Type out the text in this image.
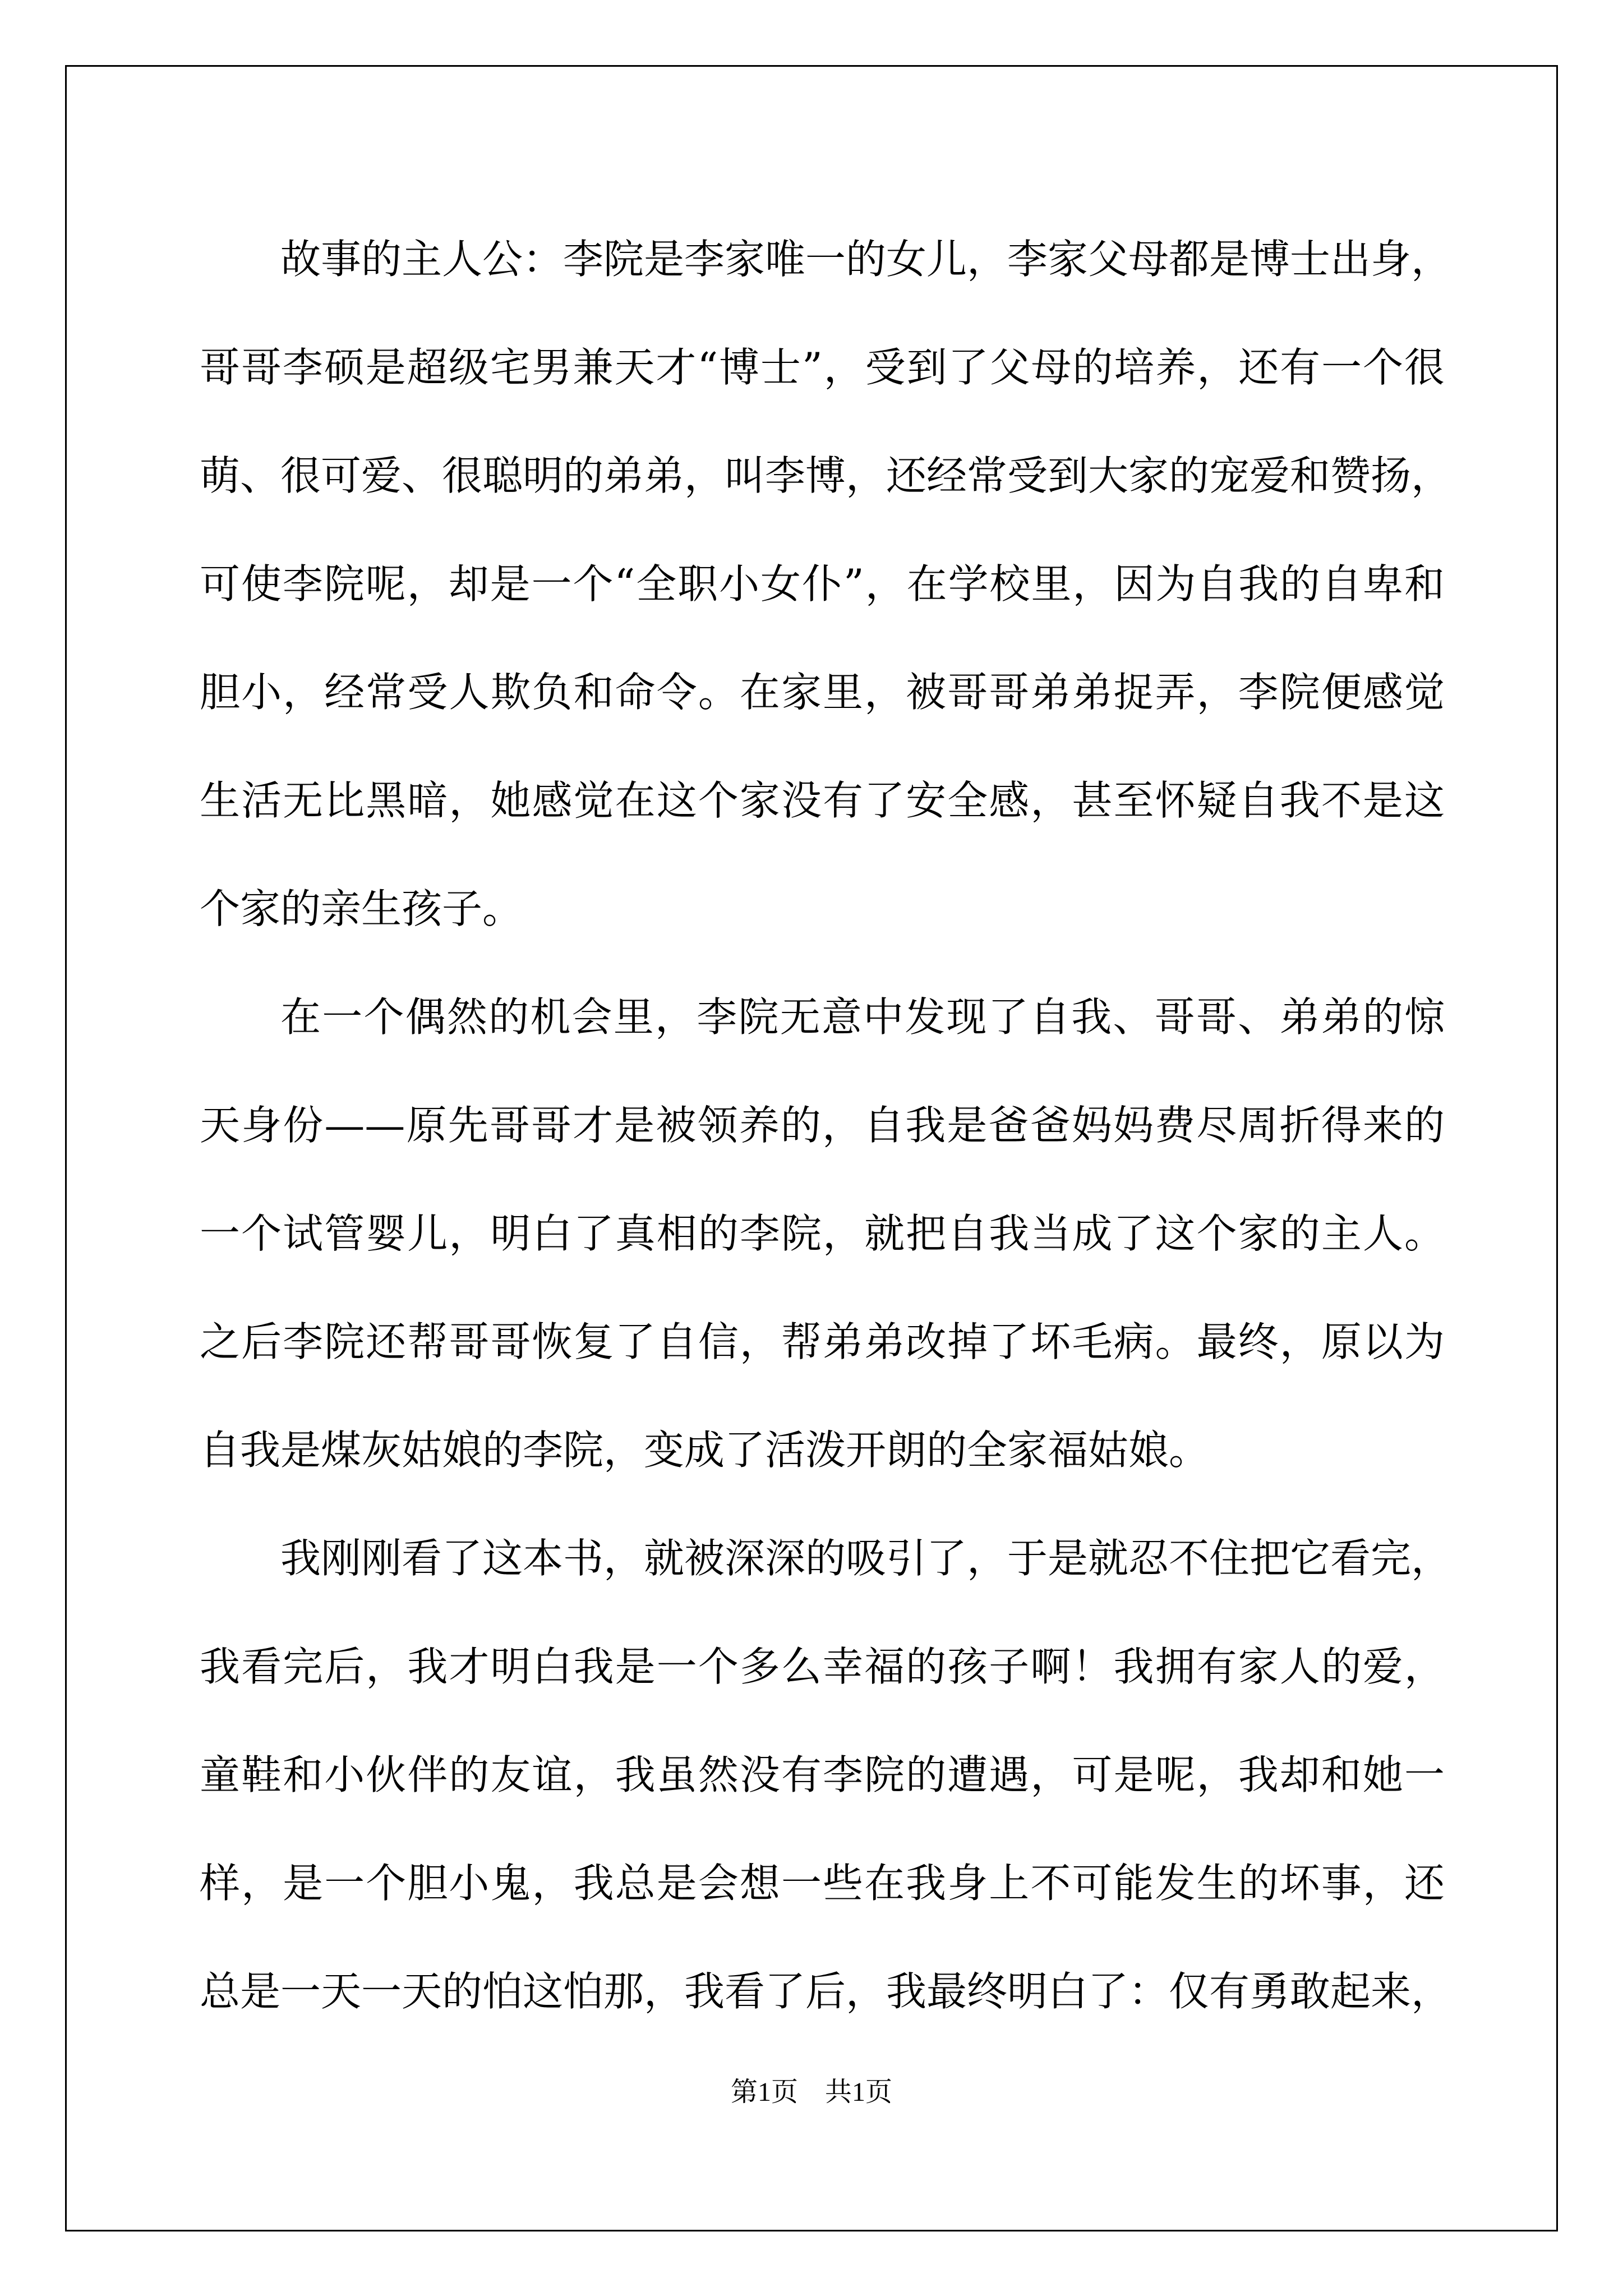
故事的主人公：李院是李家唯一的女儿，李家父母都是博士出身，
哥哥李硕是超级宅男兼天才“博士”，受到了父母的培养，还有一个很
萌、很可爱、很聪明的弟弟，叫李博，还经常受到大家的宠爱和赞扬，
可使李院呢，却是一个“全职小女仆”，在学校里，因为自我的自卑和
胆小，经常受人欺负和命令。在家里，被哥哥弟弟捉弄，李院便感觉
生活无比黑暗，她感觉在这个家没有了安全感，甚至怀疑自我不是这
个家的亲生孩子。

在一个偶然的机会里，李院无意中发现了自我、哥哥、弟弟的惊
天身份——原先哥哥才是被领养的，自我是爸爸妈妈费尽周折得来的
一个试管婴儿，明白了真相的李院，就把自我当成了这个家的主人。
之后李院还帮哥哥恢复了自信，帮弟弟改掉了坏毛病。最终，原以为
自我是煤灰姑娘的李院，变成了活泼开朗的全家福姑娘。

我刚刚看了这本书，就被深深的吸引了，于是就忍不住把它看完，
我看完后，我才明白我是一个多么幸福的孩子啊！我拥有家人的爱，
童鞋和小伙伴的友谊，我虽然没有李院的遭遇，可是呢，我却和她一
样，是一个胆小鬼，我总是会想一些在我身上不可能发生的坏事，还
总是一天一天的怕这怕那，我看了后，我最终明白了：仅有勇敢起来，

第1页 共1页
